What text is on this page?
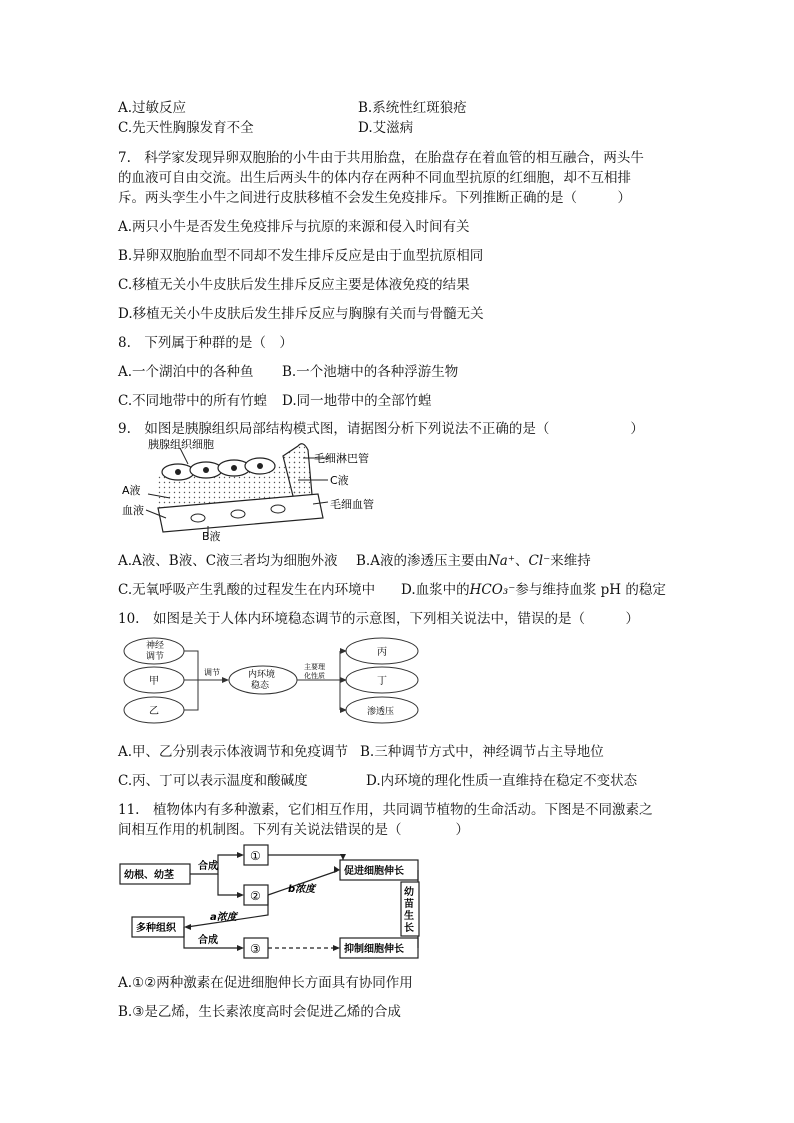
A.过敏反应	B.系统性红斑狼疮
C.先天性胸腺发育不全	D.艾滋病
7.　科学家发现异卵双胞胎的小牛由于共用胎盘，在胎盘存在着血管的相互融合，两头牛
的血液可自由交流。出生后两头牛的体内存在两种不同血型抗原的红细胞，却不互相排
斥。两头孪生小牛之间进行皮肤移植不会发生免疫排斥。下列推断正确的是（　　　）
A.两只小牛是否发生免疫排斥与抗原的来源和侵入时间有关
B.异卵双胞胎血型不同却不发生排斥反应是由于血型抗原相同
C.移植无关小牛皮肤后发生排斥反应主要是体液免疫的结果
D.移植无关小牛皮肤后发生排斥反应与胸腺有关而与骨髓无关
8.　下列属于种群的是（　）
A.一个湖泊中的各种鱼 B.一个池塘中的各种浮游生物
C.不同地带中的所有竹蝗 D.同一地带中的全部竹蝗
9.　如图是胰腺组织局部结构模式图，请据图分析下列说法不正确的是（　　　　　　）
胰腺组织细胞
毛细淋巴管
C液
A液
毛细血管
血液
B液
A.A液、B液、C液三者均为细胞外液 B.A液的渗透压主要由Na⁺、Cl⁻来维持
C.无氧呼吸产生乳酸的过程发生在内环境中 D.血浆中的HCO₃⁻参与维持血浆 pH 的稳定
10.　如图是关于人体内环境稳态调节的示意图，下列相关说法中，错误的是（　　　）
神经
调节
甲
乙
调节	内环境
稳态
主要理
化性质
丙
丁
渗透压
A.甲、乙分别表示体液调节和免疫调节 B.三种调节方式中，神经调节占主导地位
C.丙、丁可以表示温度和酸碱度	D.内环境的理化性质一直维持在稳定不变状态
11.　植物体内有多种激素，它们相互作用，共同调节植物的生命活动。下图是不同激素之
间相互作用的机制图。下列有关说法错误的是（　　　　）
幼根、幼茎
合成
①
②
③
促进细胞伸长
b浓度
a浓度
多种组织
合成
抑制细胞伸长
幼
苗
生
长
A.①②两种激素在促进细胞伸长方面具有协同作用
B.③是乙烯，生长素浓度高时会促进乙烯的合成
